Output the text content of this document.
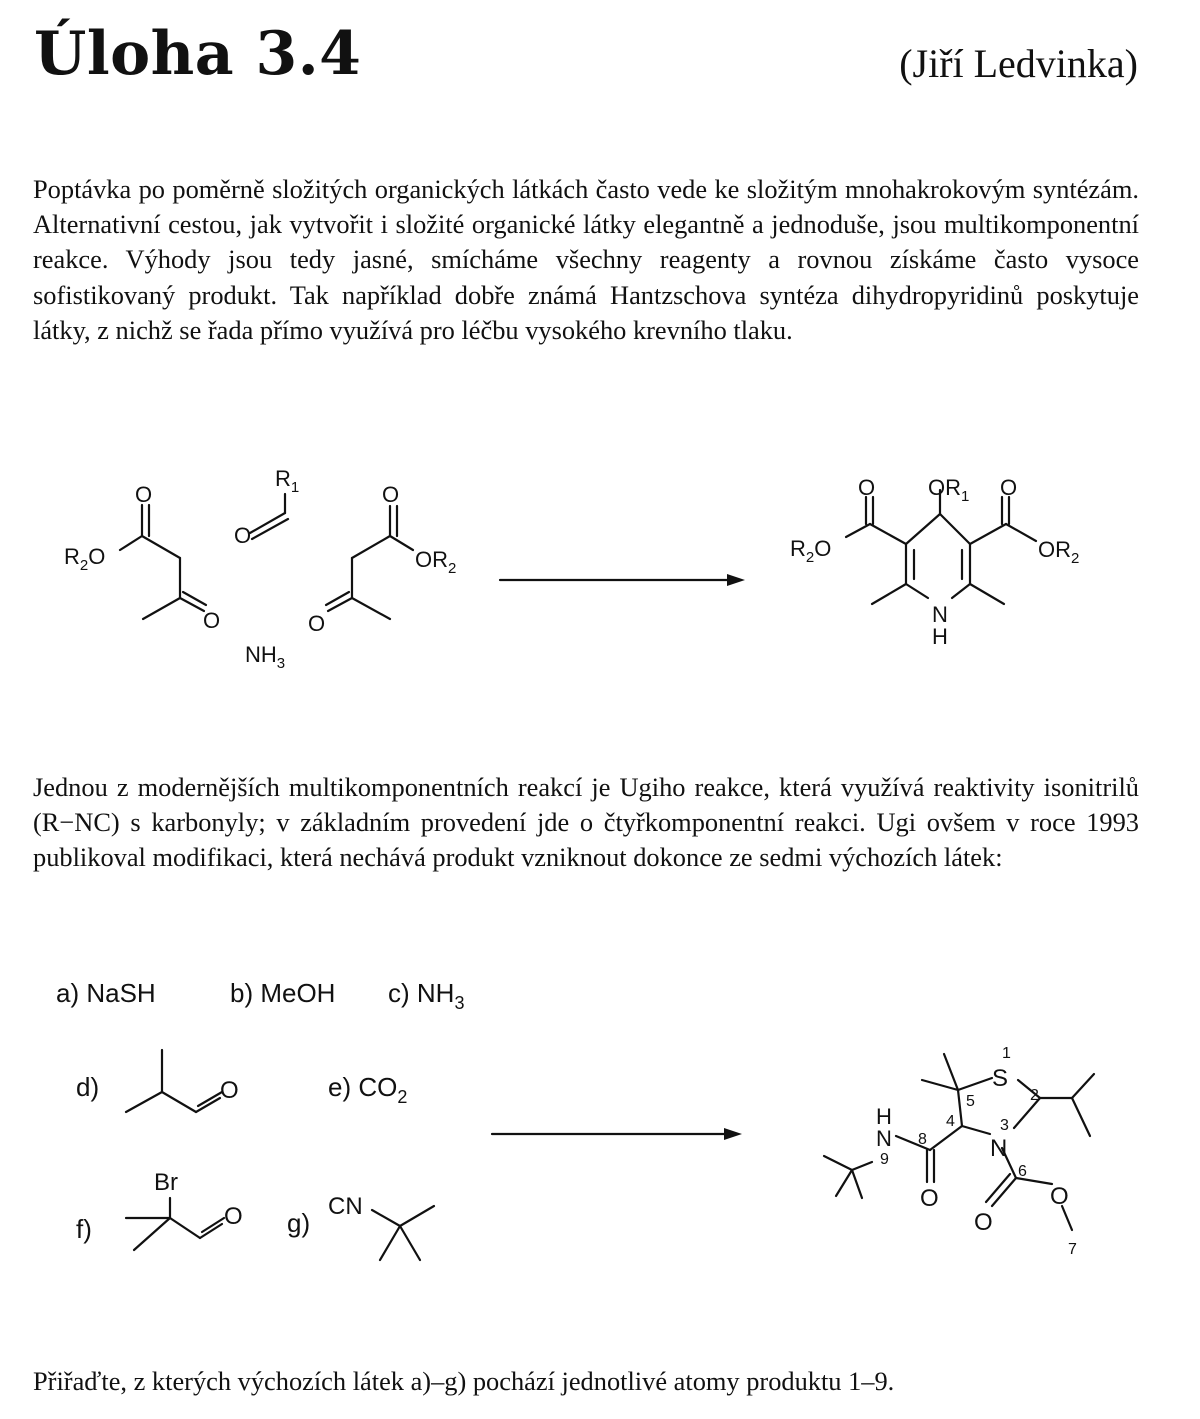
Úloha 3.4	(Jiří Ledvinka)

Poptávka po poměrně složitých organických látkách často vede ke složitým mnohakrokovým syntézám. Alternativní cestou, jak vytvořit i složité organické látky elegantně a jednoduše, jsou multikomponentní reakce. Výhody jsou tedy jasné, smícháme všechny reagenty a rovnou získáme často vysoce sofistikovaný produkt. Tak například dobře známá Hantzschova syntéza dihydropyridinů poskytuje látky, z nichž se řada přímo využívá pro léčbu vysokého krevního tlaku.

$R_2O$
O
O
O
$R_1$	O
$OR_2$
O
$NH_3$
$R_2O$
O $OR_1$ O
$OR_2$
N
H

Jednou z modernějších multikomponentních reakcí je Ugiho reakce, která využívá reaktivity isonitrilů (R−NC) s karbonyly; v základním provedení jde o čtyřkomponentní reakci. Ugi ovšem v roce 1993 publikoval modifikaci, která nechává produkt vzniknout dokonce ze sedmi výchozích látek:

a) NaSH	b) MeOH c) $NH_3$
d)	O	e) $CO_2$
f)
Br
O g)
CN
S
N
H
N
O
O
O
1
2
3
4
5
6
7
8
9

Přiřaďte, z kterých výchozích látek a)–g) pochází jednotlivé atomy produktu 1–9.
